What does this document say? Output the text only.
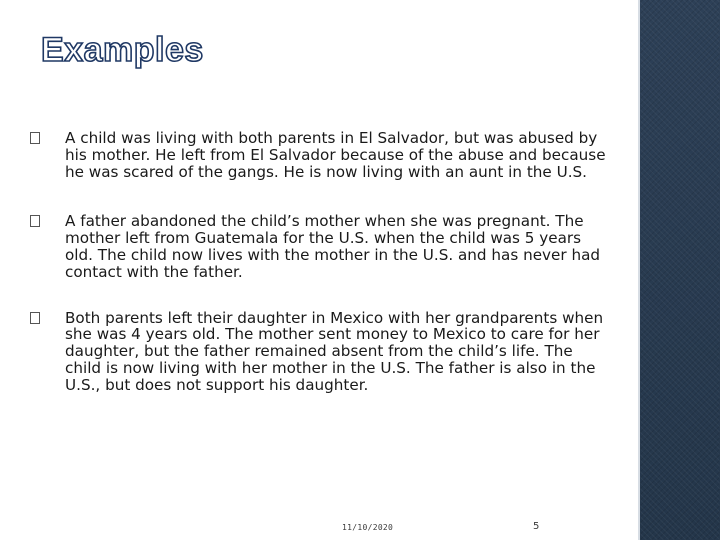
Examples
A child was living with both parents in El Salvador, but was abused by his mother. He left from El Salvador because of the abuse and because he was scared of the gangs. He is now living with an aunt in the U.S.
A father abandoned the child’s mother when she was pregnant. The mother left from Guatemala for the U.S. when the child was 5 years old. The child now lives with the mother in the U.S. and has never had contact with the father.
Both parents left their daughter in Mexico with her grandparents when she was 4 years old. The mother sent money to Mexico to care for her daughter, but the father remained absent from the child’s life. The child is now living with her mother in the U.S. The father is also in the U.S., but does not support his daughter.
11/10/2020	5
